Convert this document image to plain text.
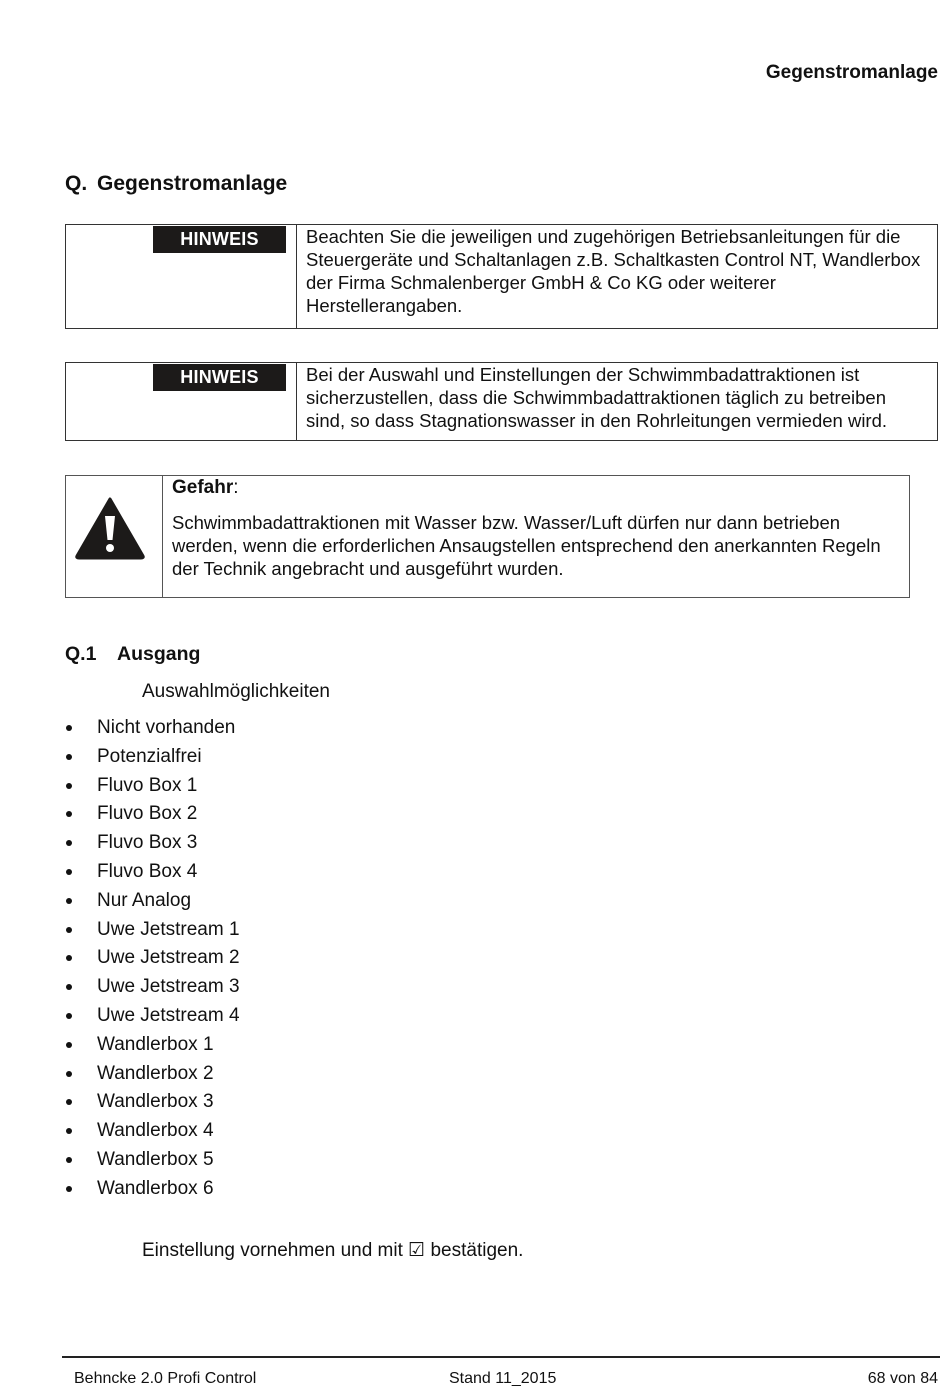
Gegenstromanlage
Q. Gegenstromanlage
HINWEIS	Beachten Sie die jeweiligen und zugehörigen Betriebsanleitungen für die Steuergeräte und Schaltanlagen z.B. Schaltkasten Control NT, Wandlerbox der Firma Schmalenberger GmbH & Co KG oder weiterer Herstellerangaben.
HINWEIS	Bei der Auswahl und Einstellungen der Schwimmbadattraktionen ist sicherzustellen, dass die Schwimmbadattraktionen täglich zu betreiben sind, so dass Stagnationswasser in den Rohrleitungen vermieden wird.
Gefahr:
Schwimmbadattraktionen mit Wasser bzw. Wasser/Luft dürfen nur dann betrieben werden, wenn die erforderlichen Ansaugstellen entsprechend den anerkannten Regeln der Technik angebracht und ausgeführt wurden.
Q.1 Ausgang
Auswahlmöglichkeiten
Nicht vorhanden
Potenzialfrei
Fluvo Box 1
Fluvo Box 2
Fluvo Box 3
Fluvo Box 4
Nur Analog
Uwe Jetstream 1
Uwe Jetstream 2
Uwe Jetstream 3
Uwe Jetstream 4
Wandlerbox 1
Wandlerbox 2
Wandlerbox 3
Wandlerbox 4
Wandlerbox 5
Wandlerbox 6
Einstellung vornehmen und mit ☑ bestätigen.
Behncke 2.0 Profi Control	Stand 11_2015	68 von 84
